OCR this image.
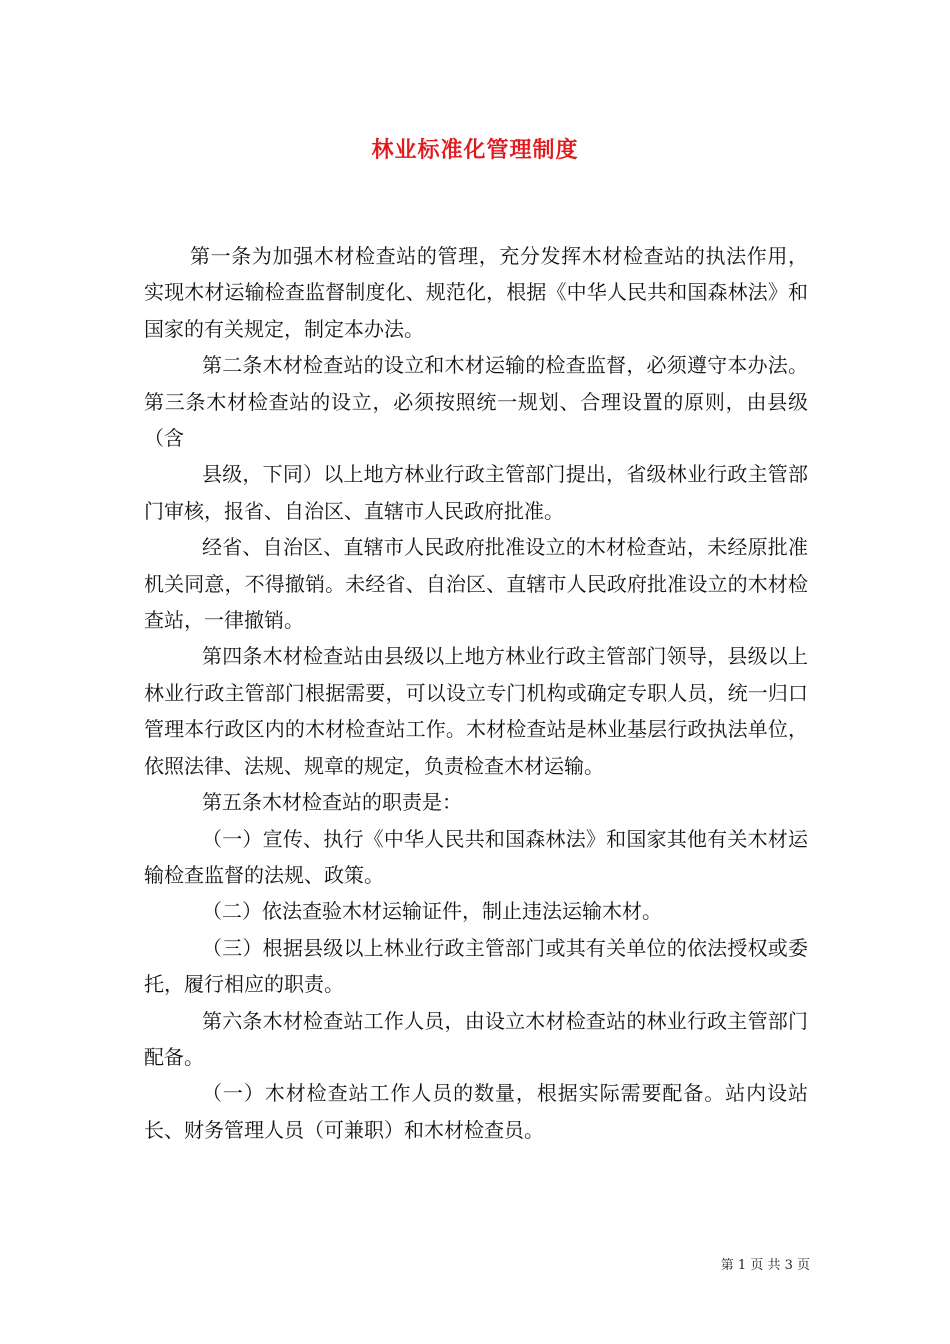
林业标准化管理制度

第一条为加强木材检查站的管理，充分发挥木材检查站的执法作用，实现木材运输检查监督制度化、规范化，根据《中华人民共和国森林法》和国家的有关规定，制定本办法。

第二条木材检查站的设立和木材运输的检查监督，必须遵守本办法。第三条木材检查站的设立，必须按照统一规划、合理设置的原则，由县级（含

县级，下同）以上地方林业行政主管部门提出，省级林业行政主管部门审核，报省、自治区、直辖市人民政府批准。

经省、自治区、直辖市人民政府批准设立的木材检查站，未经原批准机关同意，不得撤销。未经省、自治区、直辖市人民政府批准设立的木材检查站，一律撤销。

第四条木材检查站由县级以上地方林业行政主管部门领导，县级以上林业行政主管部门根据需要，可以设立专门机构或确定专职人员，统一归口管理本行政区内的木材检查站工作。木材检查站是林业基层行政执法单位，依照法律、法规、规章的规定，负责检查木材运输。

第五条木材检查站的职责是：

（一）宣传、执行《中华人民共和国森林法》和国家其他有关木材运输检查监督的法规、政策。

（二）依法查验木材运输证件，制止违法运输木材。

（三）根据县级以上林业行政主管部门或其有关单位的依法授权或委托，履行相应的职责。

第六条木材检查站工作人员，由设立木材检查站的林业行政主管部门配备。

（一）木材检查站工作人员的数量，根据实际需要配备。站内设站长、财务管理人员（可兼职）和木材检查员。

第 1 页 共 3 页
